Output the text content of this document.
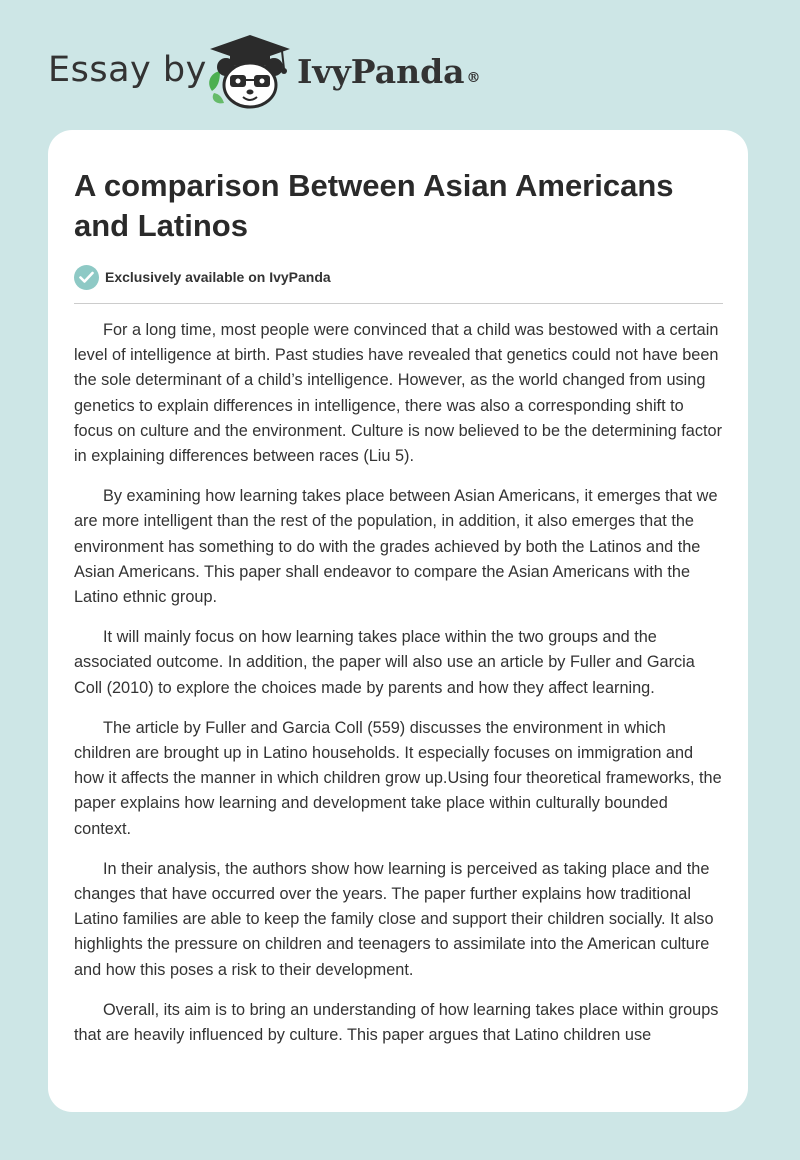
Essay by	IvyPanda ®
A comparison Between Asian Americans and Latinos
Exclusively available on IvyPanda

For a long time, most people were convinced that a child was bestowed with a certain level of intelligence at birth. Past studies have revealed that genetics could not have been the sole determinant of a child’s intelligence. However, as the world changed from using genetics to explain differences in intelligence, there was also a corresponding shift to focus on culture and the environment. Culture is now believed to be the determining factor in explaining differences between races (Liu 5).

By examining how learning takes place between Asian Americans, it emerges that we are more intelligent than the rest of the population, in addition, it also emerges that the environment has something to do with the grades achieved by both the Latinos and the Asian Americans. This paper shall endeavor to compare the Asian Americans with the Latino ethnic group.

It will mainly focus on how learning takes place within the two groups and the associated outcome. In addition, the paper will also use an article by Fuller and Garcia Coll (2010) to explore the choices made by parents and how they affect learning.

The article by Fuller and Garcia Coll (559) discusses the environment in which children are brought up in Latino households. It especially focuses on immigration and how it affects the manner in which children grow up.Using four theoretical frameworks, the paper explains how learning and development take place within culturally bounded context.

In their analysis, the authors show how learning is perceived as taking place and the changes that have occurred over the years. The paper further explains how traditional Latino families are able to keep the family close and support their children socially. It also highlights the pressure on children and teenagers to assimilate into the American culture and how this poses a risk to their development.

Overall, its aim is to bring an understanding of how learning takes place within groups that are heavily influenced by culture. This paper argues that Latino children use
